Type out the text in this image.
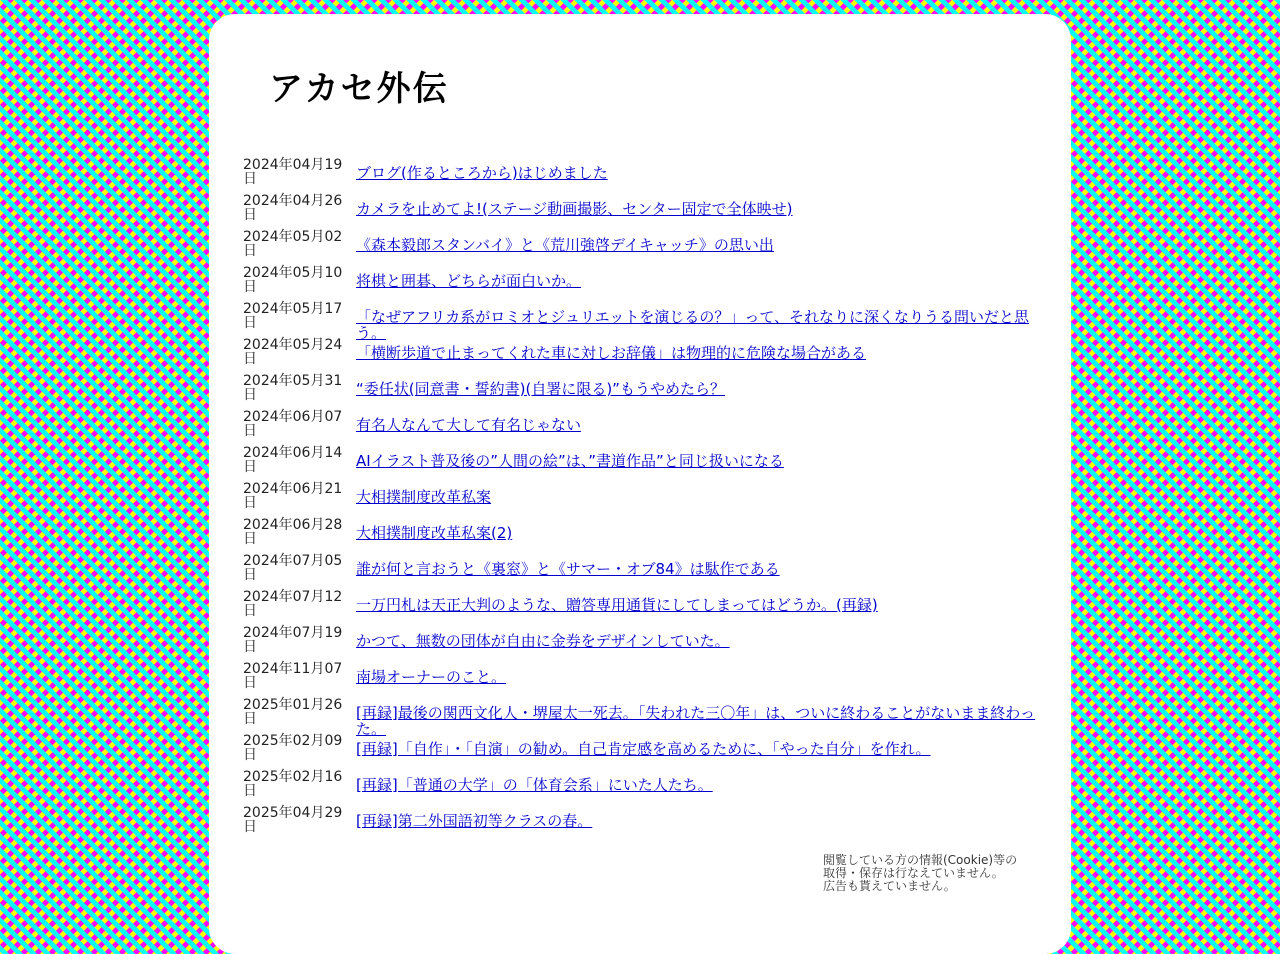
アカセ外伝
2024年04月19日	ブログ(作るところから)はじめました
2024年04月26日	カメラを止めてよ!(ステージ動画撮影、センター固定で全体映せ)
2024年05月02日	《森本毅郎スタンバイ》と《荒川強啓デイキャッチ》の思い出
2024年05月10日	将棋と囲碁、どちらが面白いか。
2024年05月17日	「なぜアフリカ系がロミオとジュリエットを演じるの？」って、それなりに深くなりうる問いだと思う。
2024年05月24日	「横断歩道で止まってくれた車に対しお辞儀」は物理的に危険な場合がある
2024年05月31日	“委任状(同意書・誓約書)(自署に限る)”もうやめたら？
2024年06月07日	有名人なんて大して有名じゃない
2024年06月14日	AIイラスト普及後の”人間の絵”は、”書道作品”と同じ扱いになる
2024年06月21日	大相撲制度改革私案
2024年06月28日	大相撲制度改革私案(2)
2024年07月05日	誰が何と言おうと《裏窓》と《サマー・オブ84》は駄作である
2024年07月12日	一万円札は天正大判のような、贈答専用通貨にしてしまってはどうか。(再録)
2024年07月19日	かつて、無数の団体が自由に金券をデザインしていた。
2024年11月07日	南場オーナーのこと。
2025年01月26日	[再録]最後の関西文化人・堺屋太一死去。「失われた三〇年」は、ついに終わることがないまま終わった。
2025年02月09日	[再録]「自作」・「自演」の勧め。自己肯定感を高めるために、「やった自分」を作れ。
2025年02月16日	[再録]「普通の大学」の「体育会系」にいた人たち。
2025年04月29日	[再録]第二外国語初等クラスの春。
閲覧している方の情報(Cookie)等の
取得・保存は行なえていません。
広告も貰えていません。
